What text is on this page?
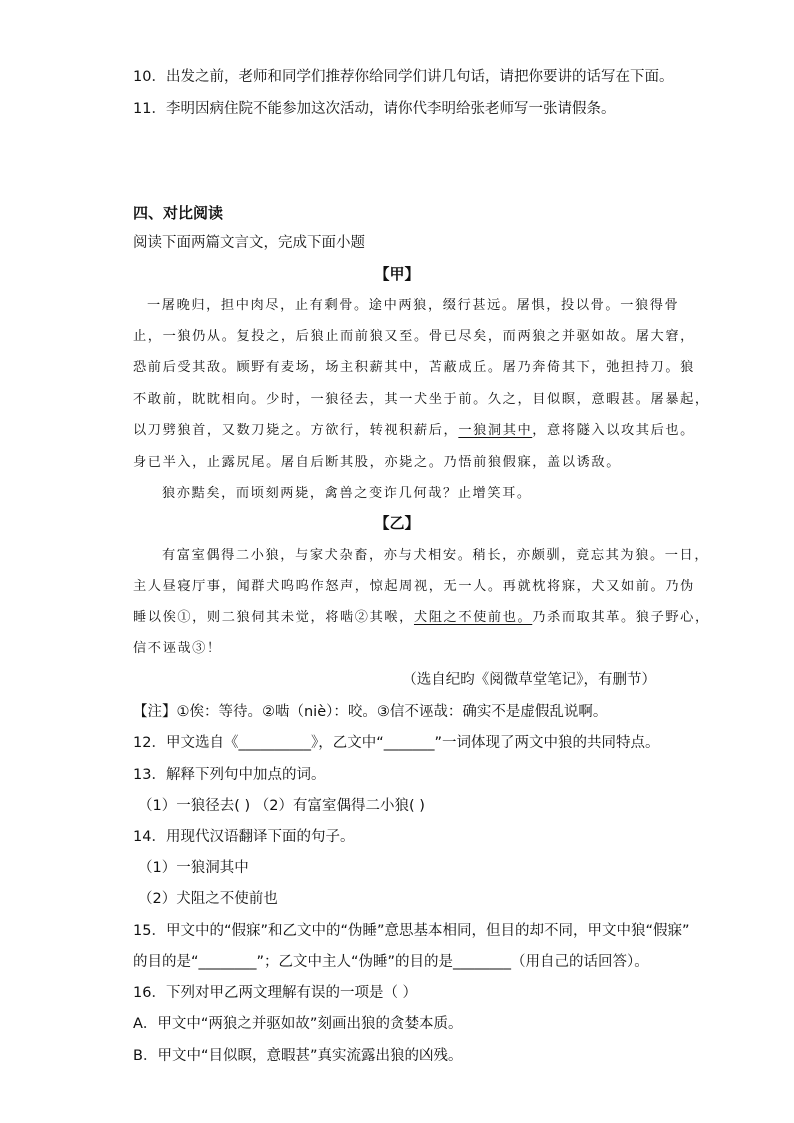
10．出发之前，老师和同学们推荐你给同学们讲几句话，请把你要讲的话写在下面。
11．李明因病住院不能参加这次活动，请你代李明给张老师写一张请假条。
四、对比阅读
阅读下面两篇文言文，完成下面小题
【甲】
一屠晚归，担中肉尽，止有剩骨。途中两狼，缀行甚远。屠惧，投以骨。一狼得骨
止，一狼仍从。复投之，后狼止而前狼又至。骨已尽矣，而两狼之并驱如故。屠大窘，
恐前后受其敌。顾野有麦场，场主积薪其中，苫蔽成丘。屠乃奔倚其下，弛担持刀。狼
不敢前，眈眈相向。少时，一狼径去，其一犬坐于前。久之，目似瞑，意暇甚。屠暴起，
以刀劈狼首，又数刀毙之。方欲行，转视积薪后，一狼洞其中，意将隧入以攻其后也。
身已半入，止露尻尾。屠自后断其股，亦毙之。乃悟前狼假寐，盖以诱敌。
狼亦黠矣，而顷刻两毙，禽兽之变诈几何哉？止增笑耳。
【乙】
有富室偶得二小狼，与家犬杂畜，亦与犬相安。稍长，亦颇驯，竟忘其为狼。一日，
主人昼寝厅事，闻群犬呜呜作怒声，惊起周视，无一人。再就枕将寐，犬又如前。乃伪
睡以俟①，则二狼伺其未觉，将啮②其喉，犬阻之不使前也。乃杀而取其革。狼子野心，
信不诬哉③！
（选自纪昀《阅微草堂笔记》，有删节）
【注】①俟：等待。②啮（niè）：咬。③信不诬哉：确实不是虚假乱说啊。
12．甲文选自《__________》，乙文中“_______”一词体现了两文中狼的共同特点。
13．解释下列句中加点的词。
（1）一狼径去( ) （2）有富室偶得二小狼( )
14．用现代汉语翻译下面的句子。
（1）一狼洞其中
（2）犬阻之不使前也
15．甲文中的“假寐”和乙文中的“伪睡”意思基本相同，但目的却不同，甲文中狼“假寐”
的目的是“________”；乙文中主人“伪睡”的目的是________（用自己的话回答）。
16．下列对甲乙两文理解有误的一项是（ ）
A．甲文中“两狼之并驱如故”刻画出狼的贪婪本质。
B．甲文中“目似瞑，意暇甚”真实流露出狼的凶残。
